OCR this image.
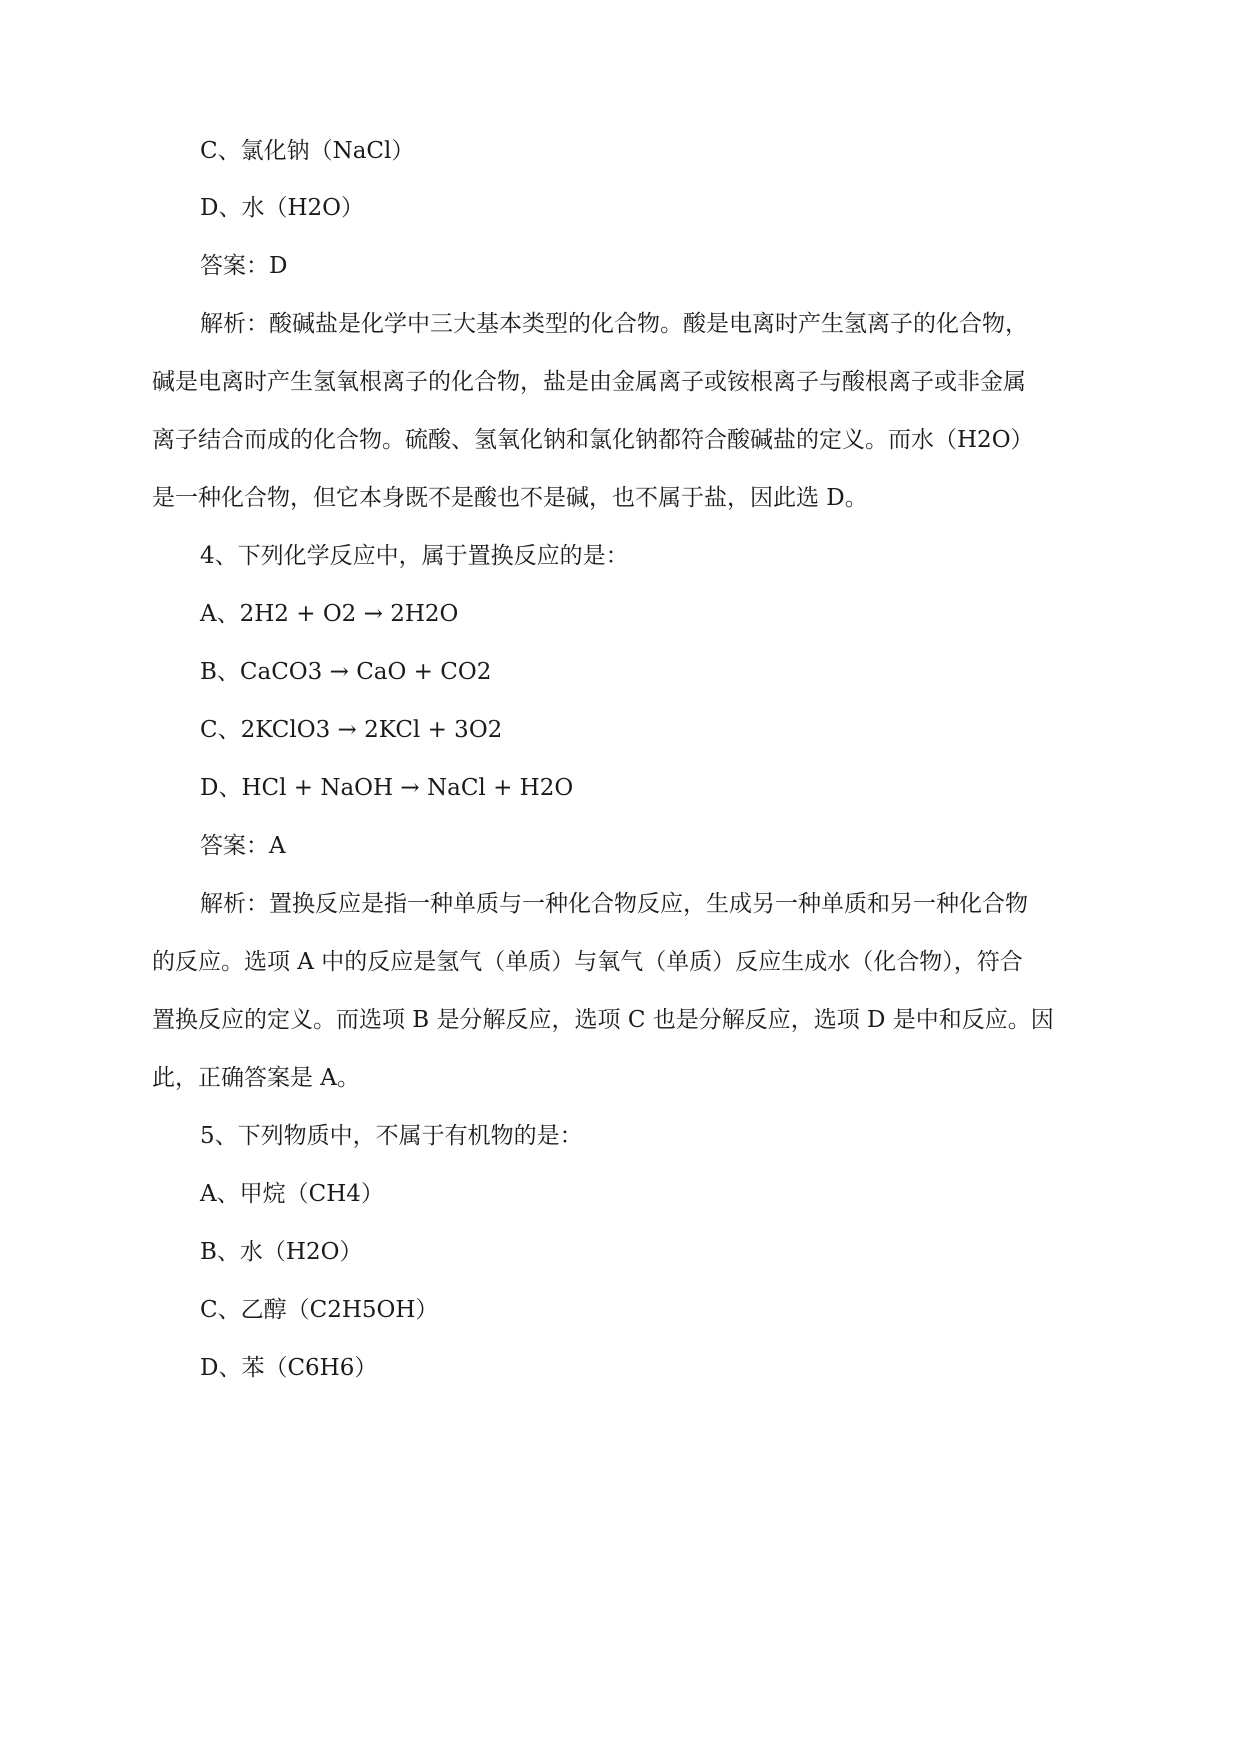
C、氯化钠（NaCl）
D、水（H2O）
答案：D
解析：酸碱盐是化学中三大基本类型的化合物。酸是电离时产生氢离子的化合物，
碱是电离时产生氢氧根离子的化合物，盐是由金属离子或铵根离子与酸根离子或非金属
离子结合而成的化合物。硫酸、氢氧化钠和氯化钠都符合酸碱盐的定义。而水（H2O）
是一种化合物，但它本身既不是酸也不是碱，也不属于盐，因此选 D。
4、下列化学反应中，属于置换反应的是：
A、2H2 + O2 → 2H2O
B、CaCO3 → CaO + CO2
C、2KClO3 → 2KCl + 3O2
D、HCl + NaOH → NaCl + H2O
答案：A
解析：置换反应是指一种单质与一种化合物反应，生成另一种单质和另一种化合物
的反应。选项 A 中的反应是氢气（单质）与氧气（单质）反应生成水（化合物），符合
置换反应的定义。而选项 B 是分解反应，选项 C 也是分解反应，选项 D 是中和反应。因
此，正确答案是 A。
5、下列物质中，不属于有机物的是：
A、甲烷（CH4）
B、水（H2O）
C、乙醇（C2H5OH）
D、苯（C6H6）
